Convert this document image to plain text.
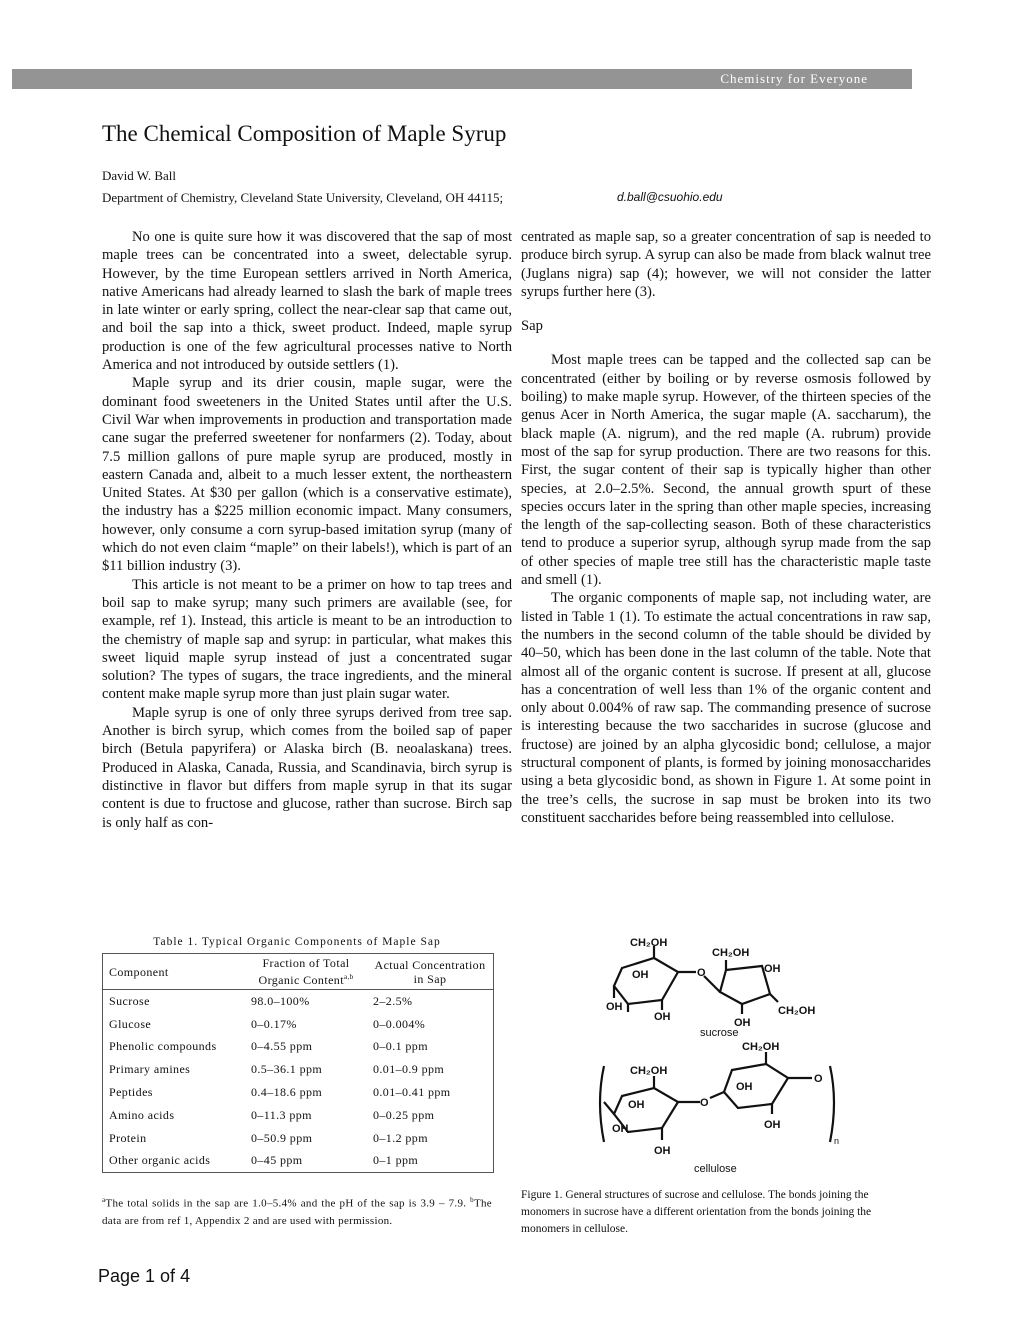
Chemistry for Everyone
The Chemical Composition of Maple Syrup
David W. Ball
Department of Chemistry, Cleveland State University, Cleveland, OH 44115;	d.ball@csuohio.edu

No one is quite sure how it was discovered that the sap of most maple trees can be concentrated into a sweet, delectable syrup. However, by the time European settlers arrived in North America, native Americans had already learned to slash the bark of maple trees in late winter or early spring, collect the near-clear sap that came out, and boil the sap into a thick, sweet product. Indeed, maple syrup production is one of the few agricultural processes native to North America and not introduced by outside settlers (1).

Maple syrup and its drier cousin, maple sugar, were the dominant food sweeteners in the United States until after the U.S. Civil War when improvements in production and transportation made cane sugar the preferred sweetener for nonfarmers (2). Today, about 7.5 million gallons of pure maple syrup are produced, mostly in eastern Canada and, albeit to a much lesser extent, the northeastern United States. At $30 per gallon (which is a conservative estimate), the industry has a $225 million economic impact. Many consumers, however, only consume a corn syrup-based imitation syrup (many of which do not even claim “maple” on their labels!), which is part of an $11 billion industry (3).

This article is not meant to be a primer on how to tap trees and boil sap to make syrup; many such primers are available (see, for example, ref 1). Instead, this article is meant to be an introduction to the chemistry of maple sap and syrup: in particular, what makes this sweet liquid maple syrup instead of just a concentrated sugar solution? The types of sugars, the trace ingredients, and the mineral content make maple syrup more than just plain sugar water.

Maple syrup is one of only three syrups derived from tree sap. Another is birch syrup, which comes from the boiled sap of paper birch (Betula papyrifera) or Alaska birch (B. neoalaskana) trees. Produced in Alaska, Canada, Russia, and Scandinavia, birch syrup is distinctive in flavor but differs from maple syrup in that its sugar content is due to fructose and glucose, rather than sucrose. Birch sap is only half as con-

centrated as maple sap, so a greater concentration of sap is needed to produce birch syrup. A syrup can also be made from black walnut tree (Juglans nigra) sap (4); however, we will not consider the latter syrups further here (3).

Sap

Most maple trees can be tapped and the collected sap can be concentrated (either by boiling or by reverse osmosis followed by boiling) to make maple syrup. However, of the thirteen species of the genus Acer in North America, the sugar maple (A. saccharum), the black maple (A. nigrum), and the red maple (A. rubrum) provide most of the sap for syrup production. There are two reasons for this. First, the sugar content of their sap is typically higher than other species, at 2.0–2.5%. Second, the annual growth spurt of these species occurs later in the spring than other maple species, increasing the length of the sap-collecting season. Both of these characteristics tend to produce a superior syrup, although syrup made from the sap of other species of maple tree still has the characteristic maple taste and smell (1).

The organic components of maple sap, not including water, are listed in Table 1 (1). To estimate the actual concentrations in raw sap, the numbers in the second column of the table should be divided by 40–50, which has been done in the last column of the table. Note that almost all of the organic content is sucrose. If present at all, glucose has a concentration of well less than 1% of the organic content and only about 0.004% of raw sap. The commanding presence of sucrose is interesting because the two saccharides in sucrose (glucose and fructose) are joined by an alpha glycosidic bond; cellulose, a major structural component of plants, is formed by joining monosaccharides using a beta glycosidic bond, as shown in Figure 1. At some point in the tree’s cells, the sucrose in sap must be broken into its two constituent saccharides before being reassembled into cellulose.

Table 1. Typical Organic Components of Maple Sap
Component	Fraction of Total Organic Content$^{a,b}$	Actual Concentration in Sap
Sucrose	98.0–100%	2–2.5%
Glucose	0–0.17%	0–0.004%
Phenolic compounds	0–4.55 ppm	0–0.1 ppm
Primary amines	0.5–36.1 ppm	0.01–0.9 ppm
Peptides	0.4–18.6 ppm	0.01–0.41 ppm
Amino acids	0–11.3 ppm	0–0.25 ppm
Protein	0–50.9 ppm	0–1.2 ppm
Other organic acids	0–45 ppm	0–1 ppm
$^a$The total solids in the sap are 1.0–5.4% and the pH of the sap is 3.9 – 7.9. $^b$The data are from ref 1, Appendix 2 and are used with permission.
CH₂OH
CH₂OH
OH
OH
OH	OH
OH
CH₂OH
O
sucrose
CH₂OH
CH₂OH
OH
OH
OH	OH
OH
O
O
n
cellulose
Figure 1. General structures of sucrose and cellulose. The bonds joining the monomers in sucrose have a different orientation from the bonds joining the monomers in cellulose.
Page 1 of 4
